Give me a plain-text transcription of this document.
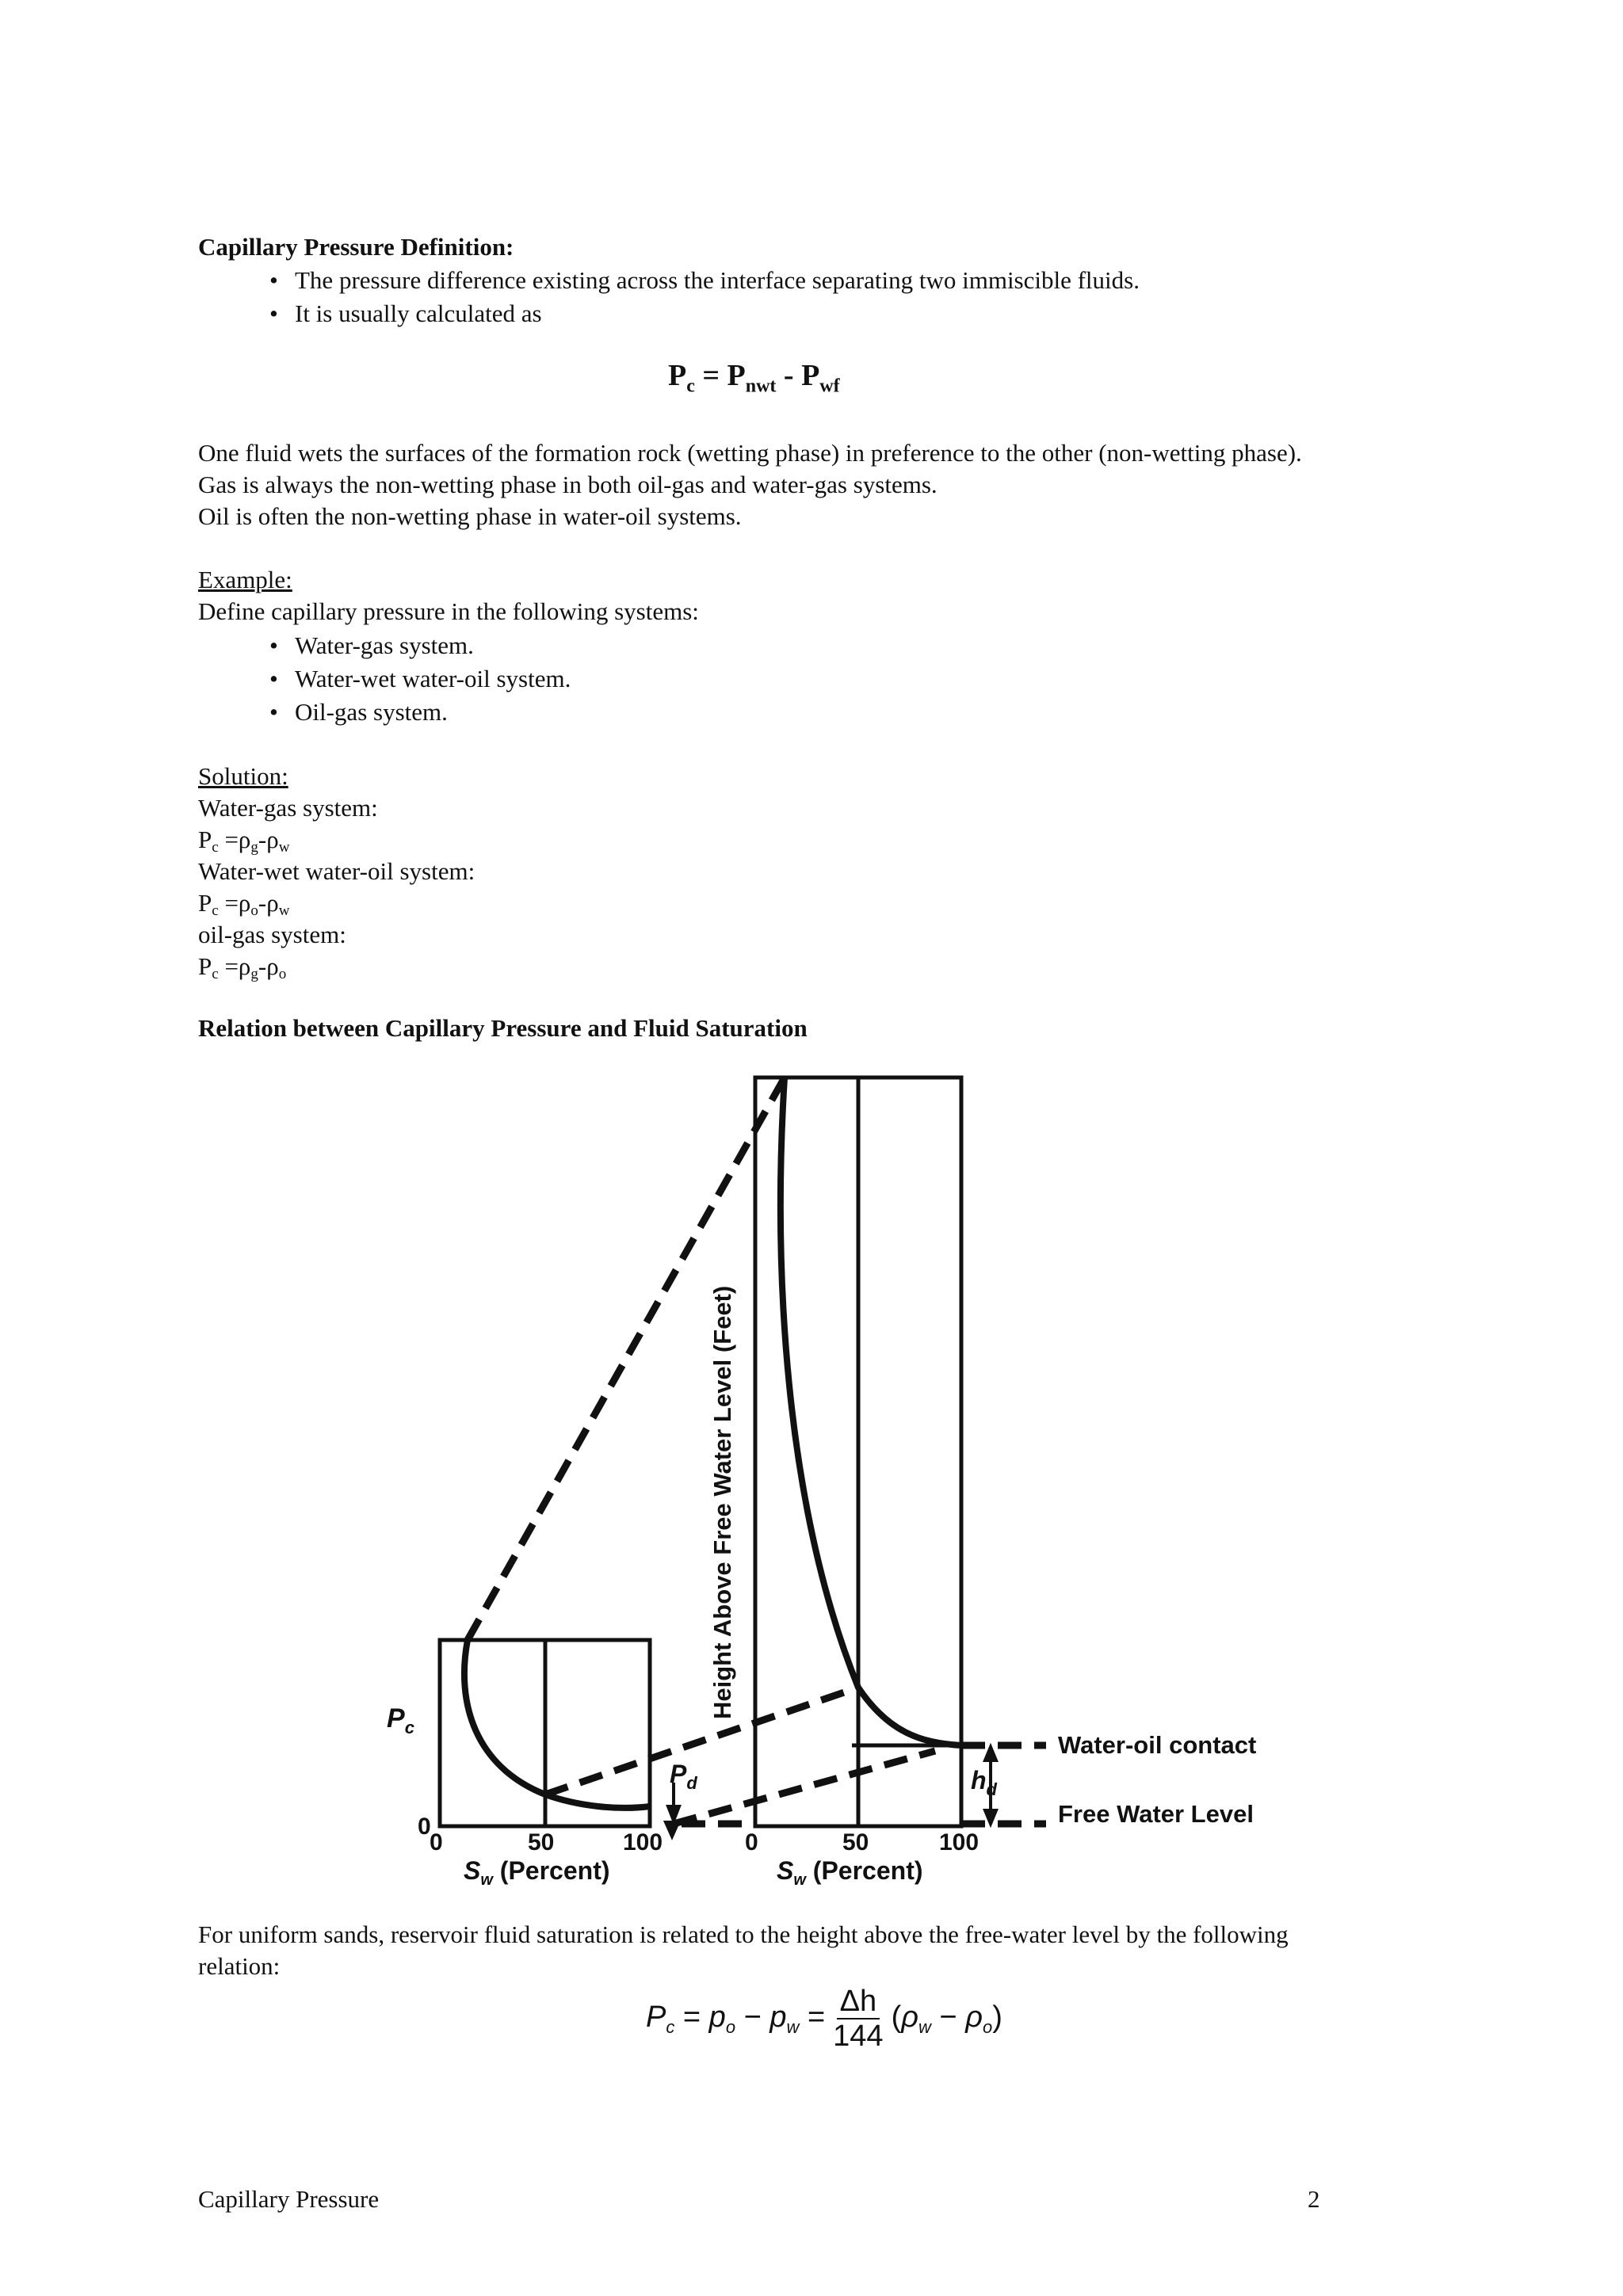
Capillary Pressure Definition:
• The pressure difference existing across the interface separating two immiscible fluids.
• It is usually calculated as
$P_c = P_{nwt} - P_{wf}$
One fluid wets the surfaces of the formation rock (wetting phase) in preference to the other (non-wetting phase).
Gas is always the non-wetting phase in both oil-gas and water-gas systems.
Oil is often the non-wetting phase in water-oil systems.
Example:
Define capillary pressure in the following systems:
• Water-gas system.
• Water-wet water-oil system.
• Oil-gas system.
Solution:
Water-gas system:
$P_c =\rho_g-\rho_w$
Water-wet water-oil system:
$P_c =\rho_o-\rho_w$
oil-gas system:
$P_c =\rho_g-\rho_o$
Relation between Capillary Pressure and Fluid Saturation
$P_c$
0
0	50	100
$S_w$ (Percent)
$P_d$
Height Above Free Water Level (Feet)
0	50	100
$S_w$ (Percent)
$h_d$
Water-oil contact
Free Water Level
For uniform sands, reservoir fluid saturation is related to the height above the free-water level by the following
relation:
$P_c = p_o - p_w = \frac{\Delta h}{144} (\rho_w - \rho_o)$
Capillary Pressure	2
